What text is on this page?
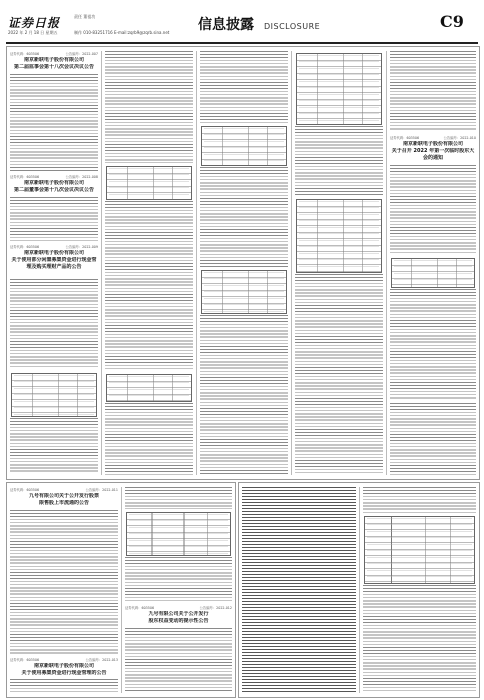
证券日报	责任 董祖功
2022 年 2 月 18 日 星期五	制作 010-83251716 E-mail:zqrb9@zqrb.sina.net 信息披露 DISCLOSURE	C9
证券代码：603506	公告编号：2022-007
南京新联电子股份有限公司
第二届监事会第十八次会议决议公告
证券代码：603506	公告编号：2022-008
南京新联电子股份有限公司
第二届董事会第十九次会议决议公告
证券代码：603506	公告编号：2022-009
南京新联电子股份有限公司
关于使用部分闲置募集资金进行现金管理及购买理财产品的公告
证券代码：603506	公告编号：2022-010
南京新联电子股份有限公司
关于召开 2022 年第一次临时股东大会的通知
证券代码：603506	公告编号：2022-011
九号有限公司关于公开发行股票
限售股上市流通的公告
证券代码：603506	公告编号：2022-013
南京新联电子股份有限公司
关于使用募集资金进行现金管理的公告
证券代码：603506	公告编号：2022-012
九号有限公司关于公开发行
股东权益变动的提示性公告
